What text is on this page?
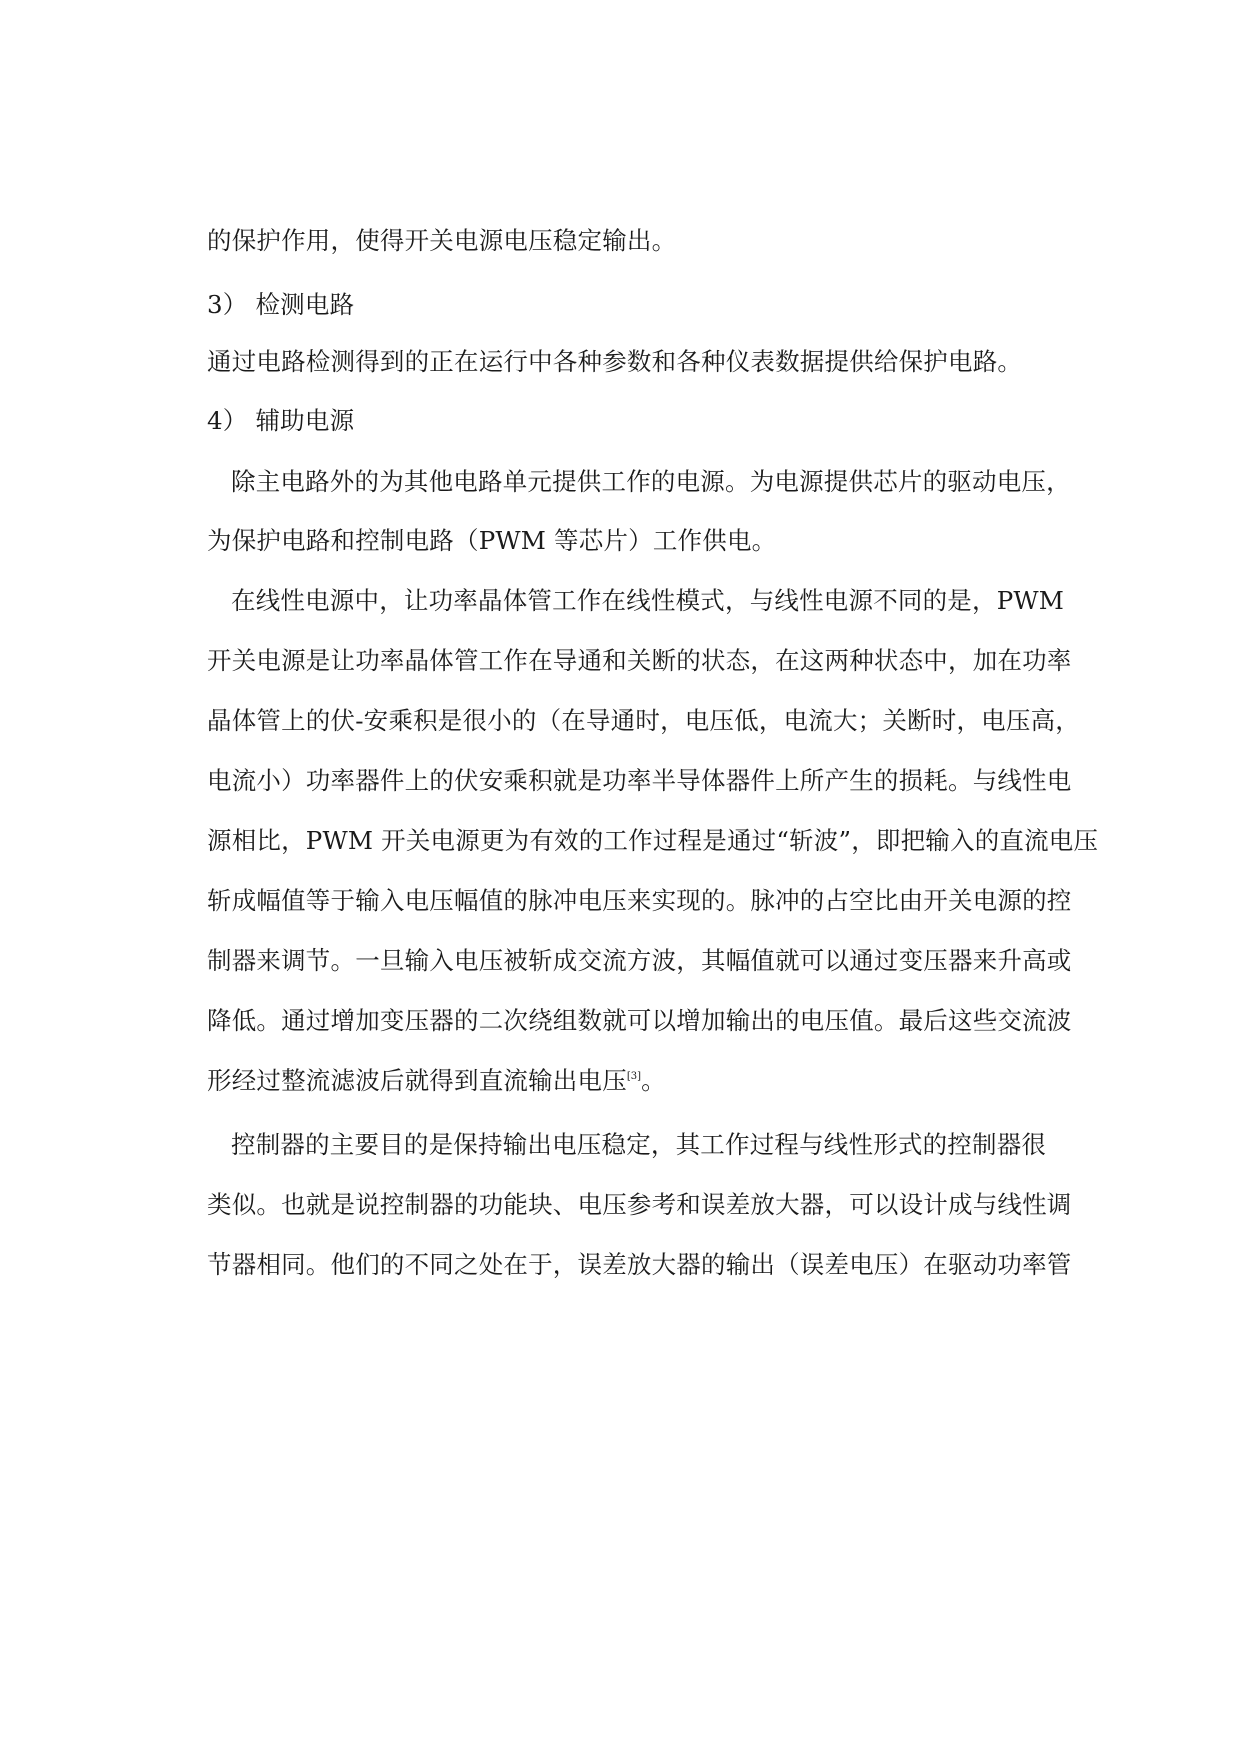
的保护作用，使得开关电源电压稳定输出。
3） 检测电路
通过电路检测得到的正在运行中各种参数和各种仪表数据提供给保护电路。
4） 辅助电源
除主电路外的为其他电路单元提供工作的电源。为电源提供芯片的驱动电压，
为保护电路和控制电路（PWM 等芯片）工作供电。
在线性电源中，让功率晶体管工作在线性模式，与线性电源不同的是，PWM
开关电源是让功率晶体管工作在导通和关断的状态，在这两种状态中，加在功率
晶体管上的伏-安乘积是很小的（在导通时，电压低，电流大；关断时，电压高，
电流小）功率器件上的伏安乘积就是功率半导体器件上所产生的损耗。与线性电
源相比，PWM 开关电源更为有效的工作过程是通过“斩波”，即把输入的直流电压
斩成幅值等于输入电压幅值的脉冲电压来实现的。脉冲的占空比由开关电源的控
制器来调节。一旦输入电压被斩成交流方波，其幅值就可以通过变压器来升高或
降低。通过增加变压器的二次绕组数就可以增加输出的电压值。最后这些交流波
形经过整流滤波后就得到直流输出电压[3]。
控制器的主要目的是保持输出电压稳定，其工作过程与线性形式的控制器很
类似。也就是说控制器的功能块、电压参考和误差放大器，可以设计成与线性调
节器相同。他们的不同之处在于，误差放大器的输出（误差电压）在驱动功率管
